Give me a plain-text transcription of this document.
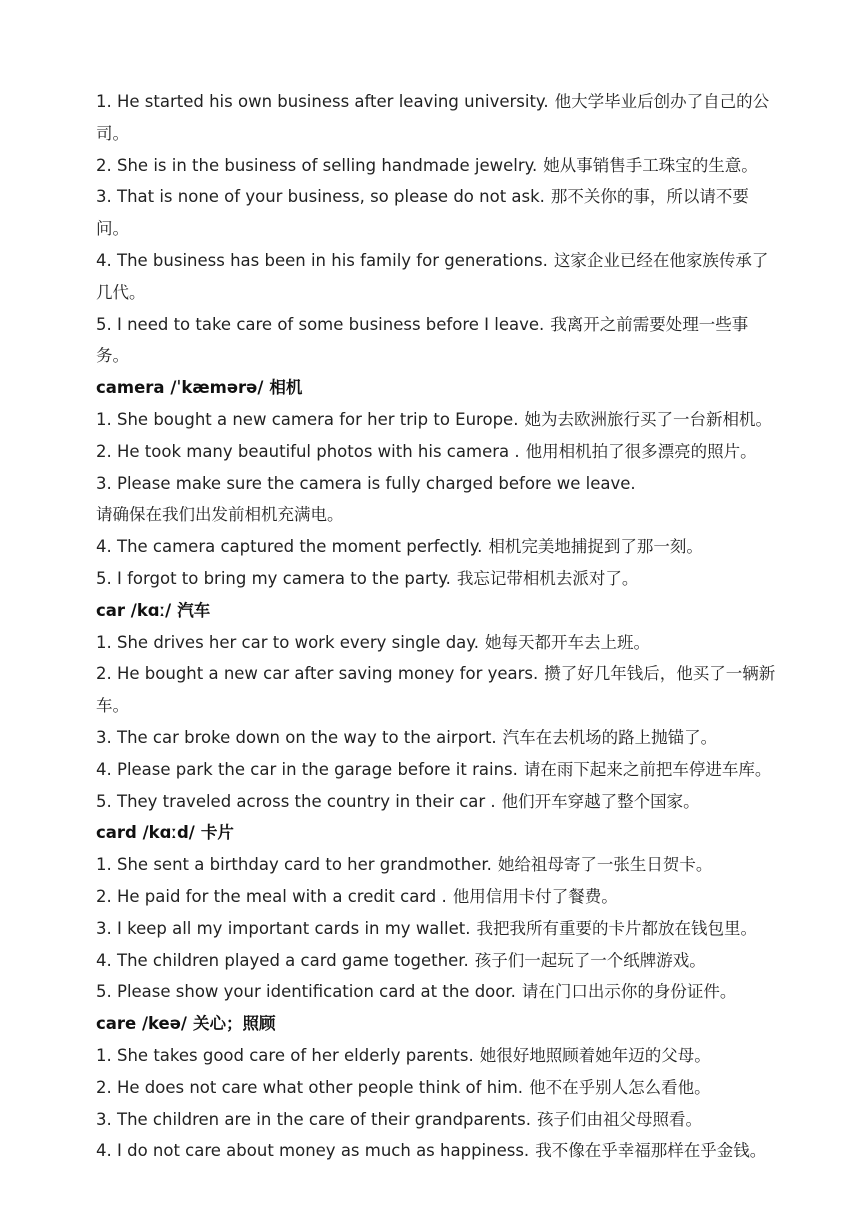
1. He started his own business after leaving university. 他大学毕业后创办了自己的公司。
2. She is in the business of selling handmade jewelry. 她从事销售手工珠宝的生意。
3. That is none of your business, so please do not ask. 那不关你的事，所以请不要问。
4. The business has been in his family for generations. 这家企业已经在他家族传承了几代。
5. I need to take care of some business before I leave. 我离开之前需要处理一些事务。
camera /ˈkæmərə/ 相机
1. She bought a new camera for her trip to Europe. 她为去欧洲旅行买了一台新相机。
2. He took many beautiful photos with his camera . 他用相机拍了很多漂亮的照片。
3. Please make sure the camera is fully charged before we leave.
请确保在我们出发前相机充满电。
4. The camera captured the moment perfectly. 相机完美地捕捉到了那一刻。
5. I forgot to bring my camera to the party. 我忘记带相机去派对了。
car /kɑː/ 汽车
1. She drives her car to work every single day. 她每天都开车去上班。
2. He bought a new car after saving money for years. 攒了好几年钱后，他买了一辆新车。
3. The car broke down on the way to the airport. 汽车在去机场的路上抛锚了。
4. Please park the car in the garage before it rains. 请在雨下起来之前把车停进车库。
5. They traveled across the country in their car . 他们开车穿越了整个国家。
card /kɑːd/ 卡片
1. She sent a birthday card to her grandmother. 她给祖母寄了一张生日贺卡。
2. He paid for the meal with a credit card . 他用信用卡付了餐费。
3. I keep all my important cards in my wallet. 我把我所有重要的卡片都放在钱包里。
4. The children played a card game together. 孩子们一起玩了一个纸牌游戏。
5. Please show your identification card at the door. 请在门口出示你的身份证件。
care /keə/ 关心；照顾
1. She takes good care of her elderly parents. 她很好地照顾着她年迈的父母。
2. He does not care what other people think of him. 他不在乎别人怎么看他。
3. The children are in the care of their grandparents. 孩子们由祖父母照看。
4. I do not care about money as much as happiness. 我不像在乎幸福那样在乎金钱。
